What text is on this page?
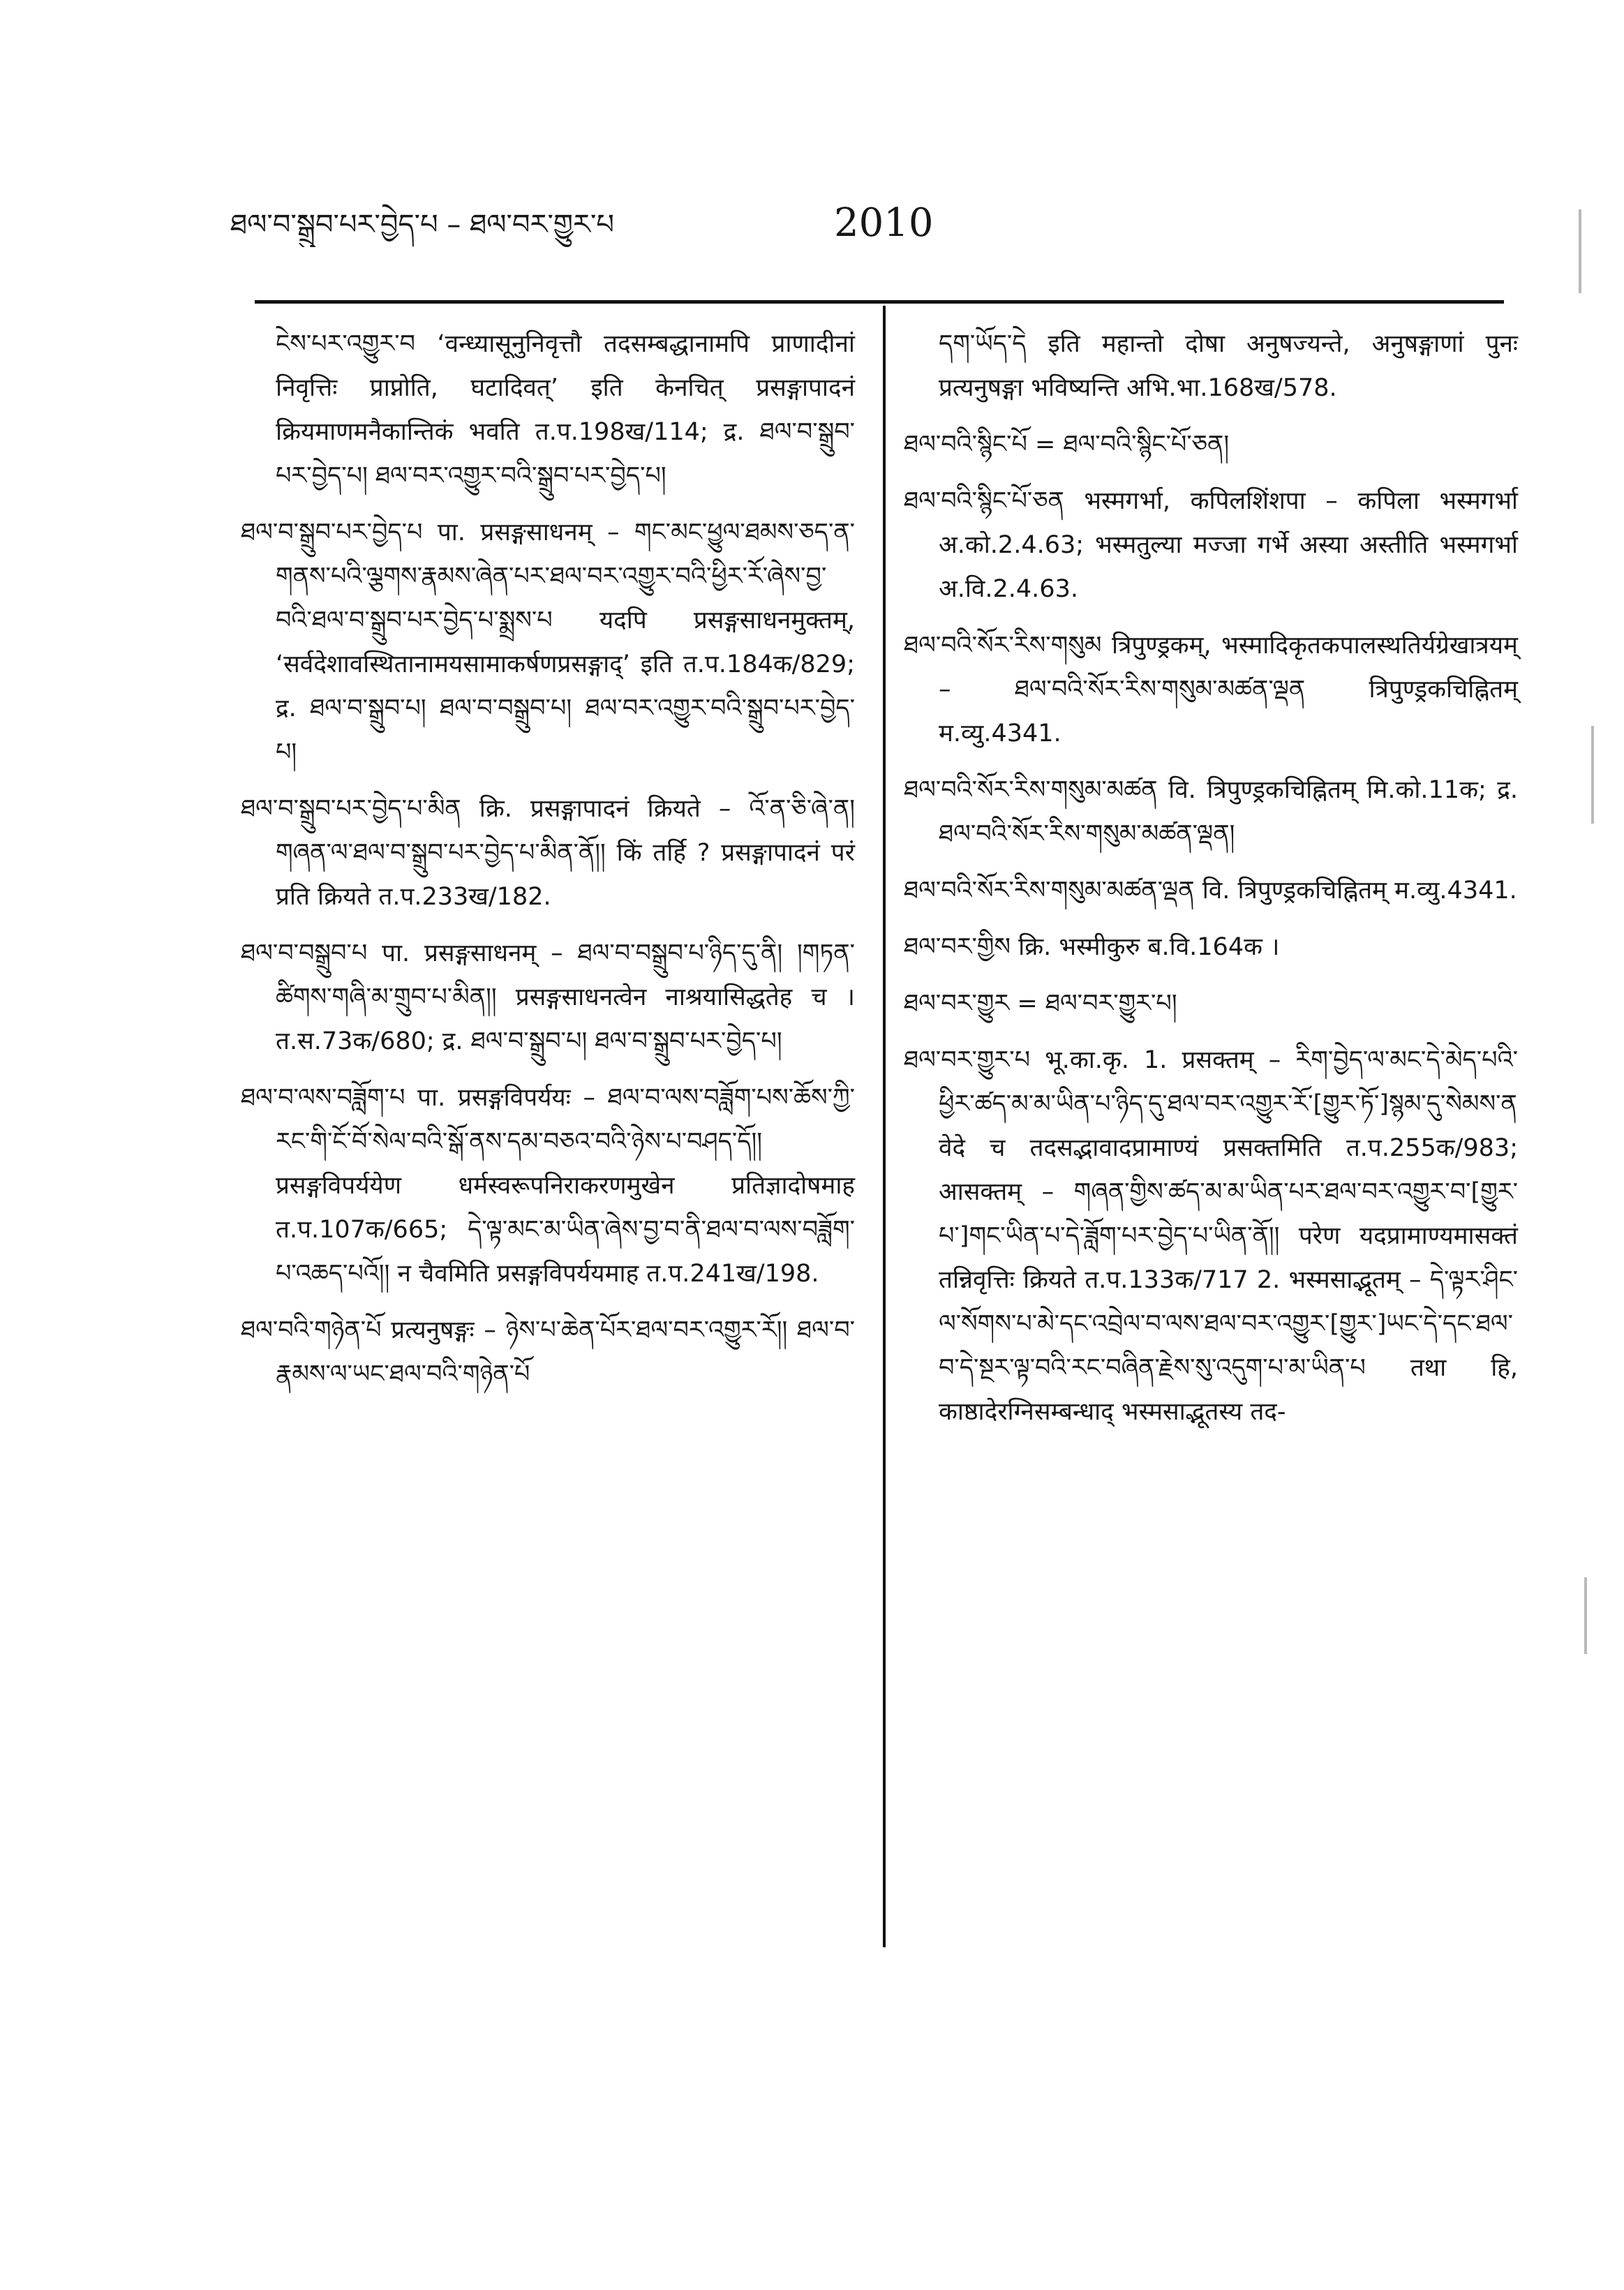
ཐལ་བ་སྒྲུབ་པར་བྱེད་པ – ཐལ་བར་གྱུར་པ	2010

ངེས་པར་འགྱུར་བ ‘वन्ध्यासूनुनिवृत्तौ तदसम्बद्धानामपि प्राणादीनां निवृत्तिः प्राप्नोति, घटादिवत्’ इति केनचित् प्रसङ्गापादनं क्रियमाणमनैकान्तिकं भवति त.प.198ख/114; द्र. ཐལ་བ་སྒྲུབ་པར་བྱེད་པ། ཐལ་བར་འགྱུར་བའི་སྒྲུབ་པར་བྱེད་པ།

ཐལ་བ་སྒྲུབ་པར་བྱེད་པ पा. प्रसङ्गसाधनम् – གང་མང་ཕྱུལ་ཐམས་ཅད་ན་གནས་པའི་ལྕགས་རྣམས་ཞེན་པར་ཐལ་བར་འགྱུར་བའི་ཕྱིར་རོ་ཞེས་བྱ་བའི་ཐལ་བ་སྒྲུབ་པར་བྱེད་པ་སྨྲས་པ यदपि प्रसङ्गसाधनमुक्तम्, ‘सर्वदेशावस्थितानामयसामाकर्षणप्रसङ्गाद्’ इति त.प.184क/829; द्र. ཐལ་བ་སྒྲུབ་པ། ཐལ་བ་བསྒྲུབ་པ། ཐལ་བར་འགྱུར་བའི་སྒྲུབ་པར་བྱེད་པ།

ཐལ་བ་སྒྲུབ་པར་བྱེད་པ་མིན क्रि. प्रसङ्गापादनं क्रियते – འོ་ན་ཅི་ཞེ་ན། གཞན་ལ་ཐལ་བ་སྒྲུབ་པར་བྱེད་པ་མིན་ནོ།། किं तर्हि ? प्रसङ्गापादनं परं प्रति क्रियते त.प.233ख/182.

ཐལ་བ་བསྒྲུབ་པ पा. प्रसङ्गसाधनम् – ཐལ་བ་བསྒྲུབ་པ་ཉིད་དུ་ནི། །གཏན་ཚིགས་གཞི་མ་གྲུབ་པ་མིན།། प्रसङ्गसाधनत्वेन नाश्रयासिद्धतेह च । त.स.73क/680; द्र. ཐལ་བ་སྒྲུབ་པ། ཐལ་བ་སྒྲུབ་པར་བྱེད་པ།

ཐལ་བ་ལས་བཟློག་པ पा. प्रसङ्गविपर्ययः – ཐལ་བ་ལས་བཟློག་པས་ཆོས་ཀྱི་རང་གི་ངོ་བོ་སེལ་བའི་སྒོ་ནས་དམ་བཅའ་བའི་ཉེས་པ་བཤད་དོ།། प्रसङ्गविपर्ययेण धर्मस्वरूपनिराकरणमुखेन प्रतिज्ञादोषमाह त.प.107क/665; དེ་ལྟ་མང་མ་ཡིན་ཞེས་བྱ་བ་ནི་ཐལ་བ་ལས་བཟློག་པ་འཆད་པའོ།། न चैवमिति प्रसङ्गविपर्ययमाह त.प.241ख/198.

ཐལ་བའི་གཉེན་པོ प्रत्यनुषङ्गः – ཉེས་པ་ཆེན་པོར་ཐལ་བར་འགྱུར་རོ།། ཐལ་བ་རྣམས་ལ་ཡང་ཐལ་བའི་གཉེན་པོ

དག་ཡོད་དེ इति महान्तो दोषा अनुषज्यन्ते, अनुषङ्गाणां पुनः प्रत्यनुषङ्गा भविष्यन्ति अभि.भा.168ख/578.

ཐལ་བའི་སྙིང་པོ = ཐལ་བའི་སྙིང་པོ་ཅན།

ཐལ་བའི་སྙིང་པོ་ཅན भस्मगर्भा, कपिलशिंशपा – कपिला भस्मगर्भा अ.को.2.4.63; भस्मतुल्या मज्जा गर्भे अस्या अस्तीति भस्मगर्भा अ.वि.2.4.63.

ཐལ་བའི་སོར་རིས་གསུམ त्रिपुण्ड्रकम्, भस्मादिकृतकपालस्थतिर्यग्रेखात्रयम् – ཐལ་བའི་སོར་རིས་གསུམ་མཚན་ལྡན त्रिपुण्ड्रकचिह्नितम् म.व्यु.4341.

ཐལ་བའི་སོར་རིས་གསུམ་མཚན वि. त्रिपुण्ड्रकचिह्नितम् मि.को.11क; द्र. ཐལ་བའི་སོར་རིས་གསུམ་མཚན་ལྡན།

ཐལ་བའི་སོར་རིས་གསུམ་མཚན་ལྡན वि. त्रिपुण्ड्रकचिह्नितम् म.व्यु.4341.

ཐལ་བར་གྱིས क्रि. भस्मीकुरु ब.वि.164क ।

ཐལ་བར་གྱུར = ཐལ་བར་གྱུར་པ།

ཐལ་བར་གྱུར་པ भू.का.कृ. 1. प्रसक्तम् – རིག་བྱེད་ལ་མང་དེ་མེད་པའི་ཕྱིར་ཚད་མ་མ་ཡིན་པ་ཉིད་དུ་ཐལ་བར་འགྱུར་རོ་[གྱུར་ཏོ་]སྙམ་དུ་སེམས་ན वेदे च तदसद्भावादप्रामाण्यं प्रसक्तमिति त.प.255क/983; आसक्तम् – གཞན་གྱིས་ཚད་མ་མ་ཡིན་པར་ཐལ་བར་འགྱུར་བ་[གྱུར་པ་]གང་ཡིན་པ་དེ་ཟློག་པར་བྱེད་པ་ཡིན་ནོ།། परेण यदप्रामाण्यमासक्तं तन्निवृत्तिः क्रियते त.प.133क/717 2. भस्मसाद्भूतम् – དེ་ལྟར་ཤིང་ལ་སོགས་པ་མེ་དང་འབྲེལ་བ་ལས་ཐལ་བར་འགྱུར་[གྱུར་]ཡང་དེ་དང་ཐལ་བ་དེ་སྔར་ལྟ་བའི་རང་བཞིན་རྗེས་སུ་འདུག་པ་མ་ཡིན་པ तथा हि, काष्ठादेरग्निसम्बन्धाद् भस्मसाद्भूतस्य तद-
